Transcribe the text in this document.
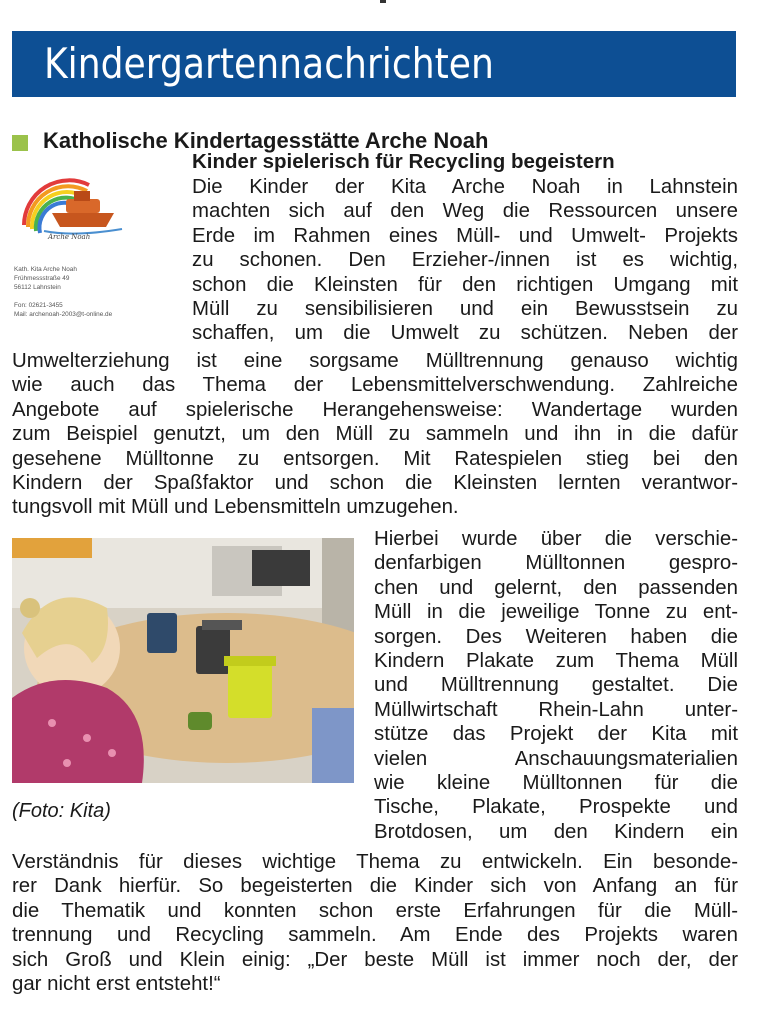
Kindergartennachrichten
Katholische Kindertagesstätte Arche Noah
Arche Noah
Kath. Kita Arche Noah
Frühmessstraße 49
56112 Lahnstein
Fon: 02621-3455
Mail: archenoah-2003@t-online.de
Kinder spielerisch für Recycling begeistern
Die Kinder der Kita Arche Noah in Lahnstein
machten sich auf den Weg die Ressourcen unsere
Erde im Rahmen eines Müll- und Umwelt- Projekts
zu schonen. Den Erzieher-/innen ist es wichtig,
schon die Kleinsten für den richtigen Umgang mit
Müll zu sensibilisieren und ein Bewusstsein zu
schaffen, um die Umwelt zu schützen. Neben der
Umwelterziehung ist eine sorgsame Mülltrennung genauso wichtig
wie auch das Thema der Lebensmittelverschwendung. Zahlreiche
Angebote auf spielerische Herangehensweise: Wandertage wurden
zum Beispiel genutzt, um den Müll zu sammeln und ihn in die dafür
gesehene Mülltonne zu entsorgen. Mit Ratespielen stieg bei den
Kindern der Spaßfaktor und schon die Kleinsten lernten verantwor-
tungsvoll mit Müll und Lebensmitteln umzugehen.

(Foto: Kita)

Hierbei wurde über die verschie-
denfarbigen Mülltonnen gespro-
chen und gelernt, den passenden
Müll in die jeweilige Tonne zu ent-
sorgen. Des Weiteren haben die
Kindern Plakate zum Thema Müll
und Mülltrennung gestaltet. Die
Müllwirtschaft Rhein-Lahn unter-
stütze das Projekt der Kita mit
vielen Anschauungsmaterialien
wie kleine Mülltonnen für die
Tische, Plakate, Prospekte und
Brotdosen, um den Kindern ein
Verständnis für dieses wichtige Thema zu entwickeln. Ein besonde-
rer Dank hierfür. So begeisterten die Kinder sich von Anfang an für
die Thematik und konnten schon erste Erfahrungen für die Müll-
trennung und Recycling sammeln. Am Ende des Projekts waren
sich Groß und Klein einig: „Der beste Müll ist immer noch der, der
gar nicht erst entsteht!“
